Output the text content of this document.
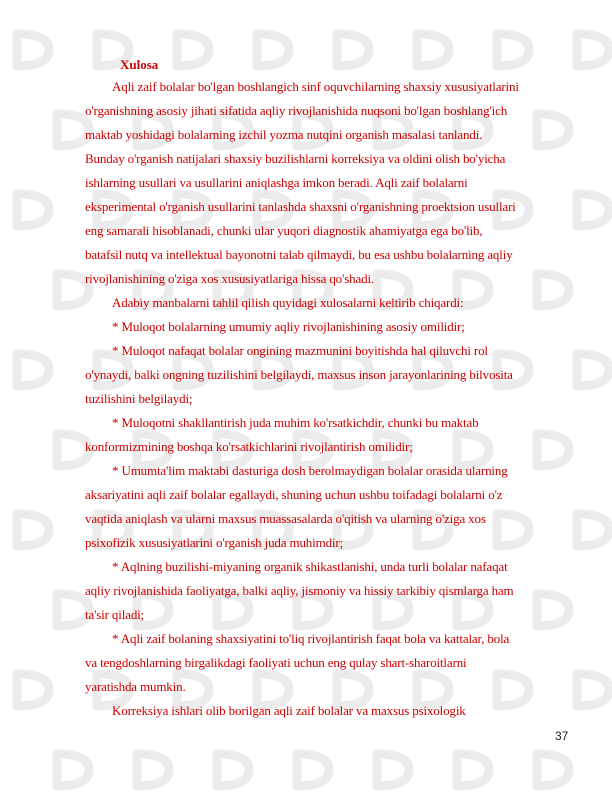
Xulosa
Aqli zaif bolalar bo'lgan boshlangich sinf oquvchilarning shaxsiy xususiyatlarini
o'rganishning asosiy jihati sifatida aqliy rivojlanishida nuqsoni bo'lgan boshlang'ich
maktab yoshidagi bolalarning izchil yozma nutqini organish masalasi tanlandi.
Bunday o'rganish natijalari shaxsiy buzilishlarni korreksiya va oldini olish bo'yicha
ishlarning usullari va usullarini aniqlashga imkon beradi. Aqli zaif bolalarni
eksperimental o'rganish usullarini tanlashda shaxsni o'rganishning proektsion usullari
eng samarali hisoblanadi, chunki ular yuqori diagnostik ahamiyatga ega bo'lib,
batafsil nutq va intellektual bayonotni talab qilmaydi, bu esa ushbu bolalarning aqliy
rivojlanishining o'ziga xos xususiyatlariga hissa qo'shadi.
Adabiy manbalarni tahlil qilish quyidagi xulosalarni keltirib chiqardi:
* Muloqot bolalarning umumiy aqliy rivojlanishining asosiy omilidir;
* Muloqot nafaqat bolalar ongining mazmunini boyitishda hal qiluvchi rol
o'ynaydi, balki ongning tuzilishini belgilaydi, maxsus inson jarayonlarining bilvosita
tuzilishini belgilaydi;
* Muloqotni shakllantirish juda muhim ko'rsatkichdir, chunki bu maktab
konformizmining boshqa ko'rsatkichlarini rivojlantirish omilidir;
* Umumta'lim maktabi dasturiga dosh berolmaydigan bolalar orasida ularning
aksariyatini aqli zaif bolalar egallaydi, shuning uchun ushbu toifadagi bolalarni o'z
vaqtida aniqlash va ularni maxsus muassasalarda o'qitish va ularning o'ziga xos
psixofizik xususiyatlarini o'rganish juda muhimdir;
* Aqlning buzilishi-miyaning organik shikastlanishi, unda turli bolalar nafaqat
aqliy rivojlanishida faoliyatga, balki aqliy, jismoniy va hissiy tarkibiy qismlarga ham
ta'sir qiladi;
* Aqli zaif bolaning shaxsiyatini to'liq rivojlantirish faqat bola va kattalar, bola
va tengdoshlarning birgalikdagi faoliyati uchun eng qulay shart-sharoitlarni
yaratishda mumkin.
Korreksiya ishlari olib borilgan aqli zaif bolalar va maxsus psixologik
37
